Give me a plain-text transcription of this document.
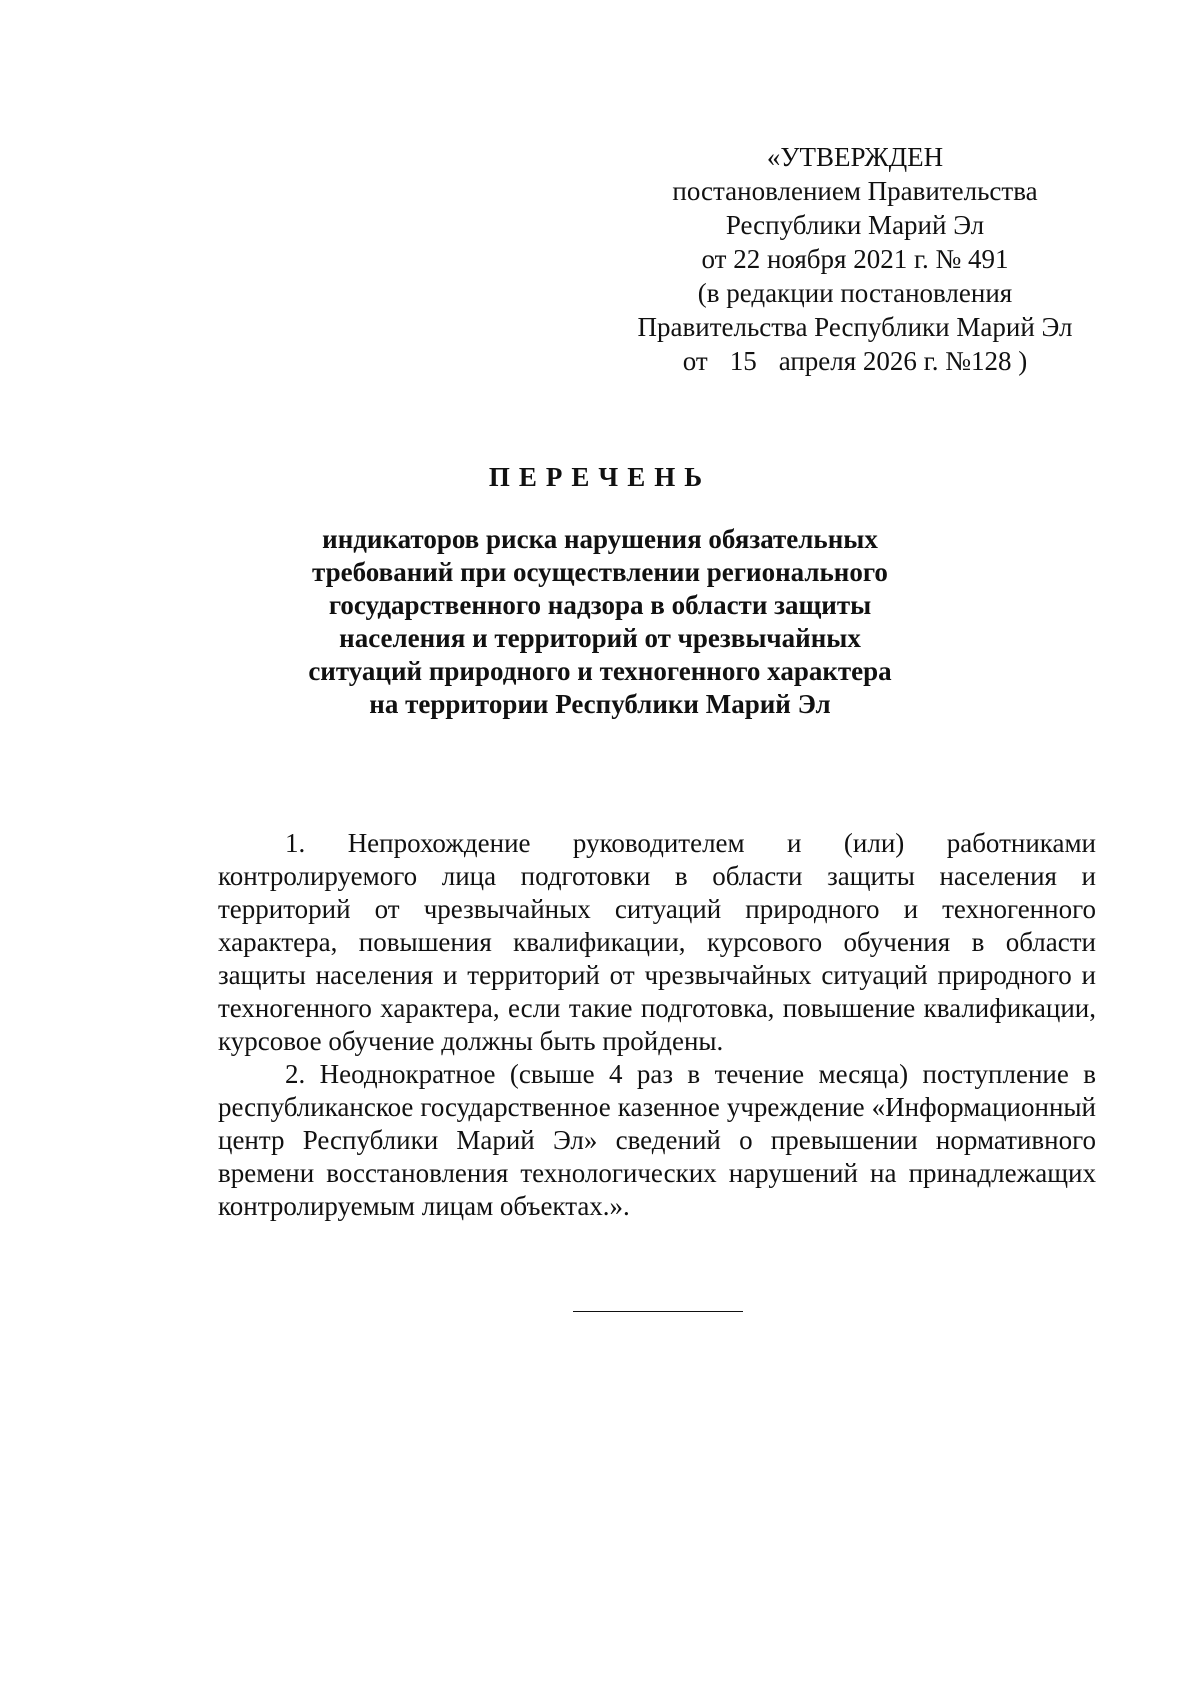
«УТВЕРЖДЕН
постановлением Правительства
Республики Марий Эл
от 22 ноября 2021 г. № 491
(в редакции постановления
Правительства Республики Марий Эл
от 15 апреля 2026 г. №128 )
ПЕРЕЧЕНЬ
индикаторов риска нарушения обязательных
требований при осуществлении регионального
государственного надзора в области защиты
населения и территорий от чрезвычайных
ситуаций природного и техногенного характера
на территории Республики Марий Эл

1. Непрохождение руководителем и (или) работниками контролируемого лица подготовки в области защиты населения и территорий от чрезвычайных ситуаций природного и техногенного характера, повышения квалификации, курсового обучения в области защиты населения и территорий от чрезвычайных ситуаций природного и техногенного характера, если такие подготовка, повышение квалификации, курсовое обучение должны быть пройдены.

2. Неоднократное (свыше 4 раз в течение месяца) поступление в республиканское государственное казенное учреждение «Информационный центр Республики Марий Эл» сведений о превышении нормативного времени восстановления технологических нарушений на принадлежащих контролируемым лицам объектах.».
